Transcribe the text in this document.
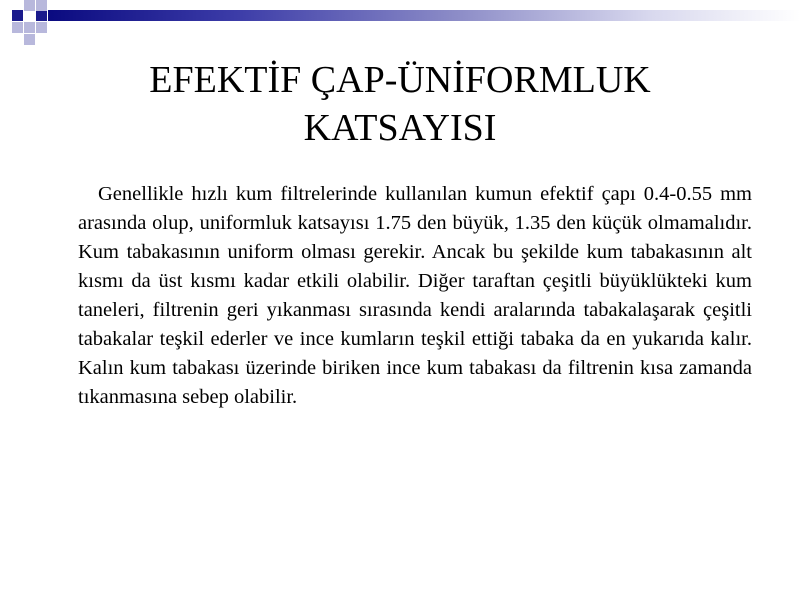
EFEKTİF ÇAP-ÜNİFORMLUK
KATSAYISI

Genellikle hızlı kum filtrelerinde kullanılan kumun efektif çapı 0.4-0.55 mm arasında olup, uniformluk katsayısı 1.75 den büyük, 1.35 den küçük olmamalıdır. Kum tabakasının uniform olması gerekir. Ancak bu şekilde kum tabakasının alt kısmı da üst kısmı kadar etkili olabilir. Diğer taraftan çeşitli büyüklükteki kum taneleri, filtrenin geri yıkanması sırasında kendi aralarında tabakalaşarak çeşitli tabakalar teşkil ederler ve ince kumların teşkil ettiği tabaka da en yukarıda kalır. Kalın kum tabakası üzerinde biriken ince kum tabakası da filtrenin kısa zamanda tıkanmasına sebep olabilir.
